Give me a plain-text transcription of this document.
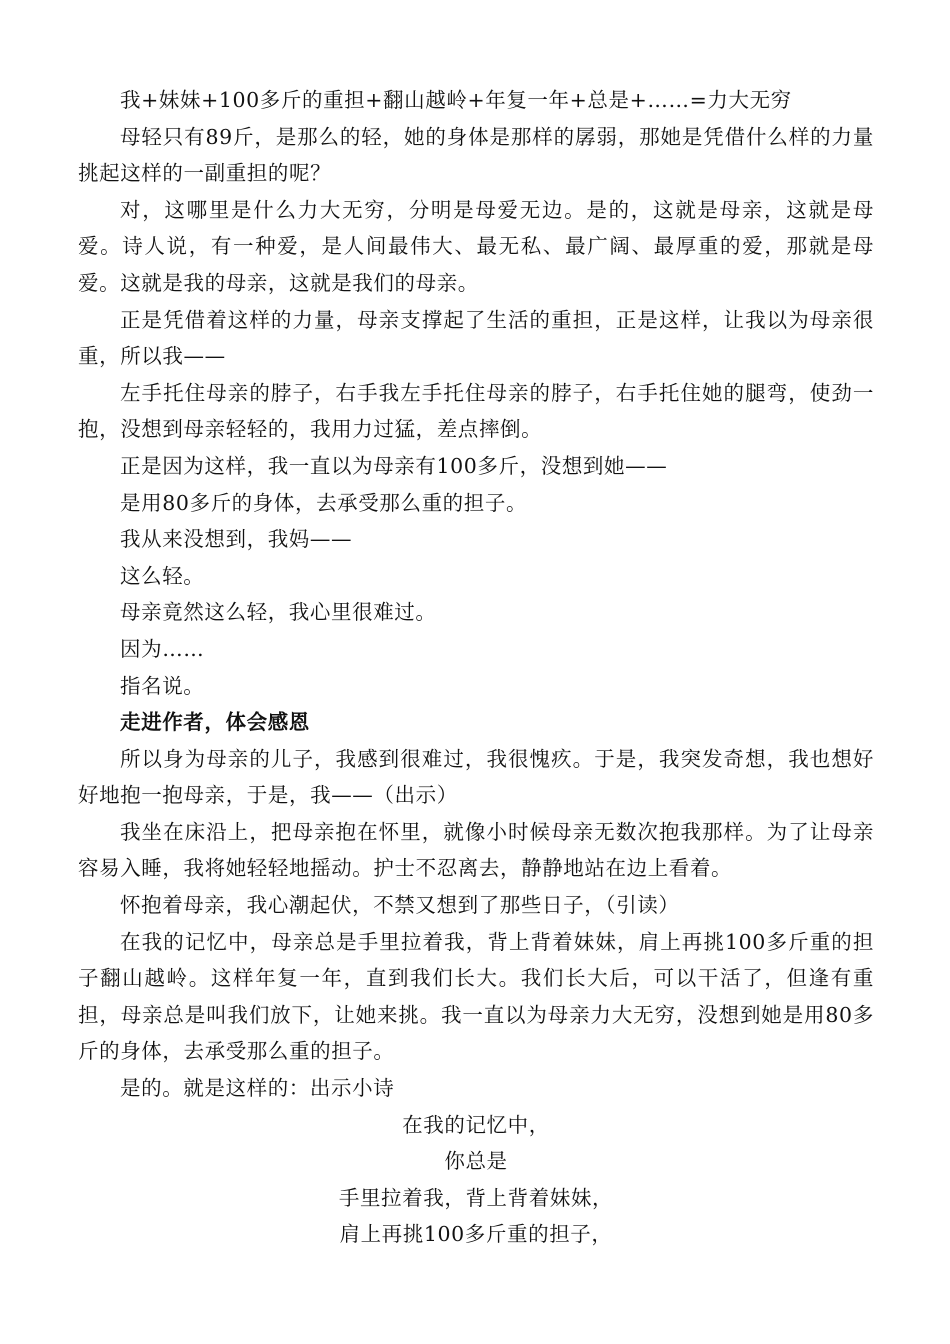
我+妹妹+100多斤的重担+翻山越岭+年复一年+总是+……=力大无穷

母轻只有89斤，是那么的轻，她的身体是那样的孱弱，那她是凭借什么样的力量挑起这样的一副重担的呢？

对，这哪里是什么力大无穷，分明是母爱无边。是的，这就是母亲，这就是母爱。诗人说，有一种爱，是人间最伟大、最无私、最广阔、最厚重的爱，那就是母爱。这就是我的母亲，这就是我们的母亲。

正是凭借着这样的力量，母亲支撑起了生活的重担，正是这样，让我以为母亲很重，所以我——

左手托住母亲的脖子，右手我左手托住母亲的脖子，右手托住她的腿弯，使劲一抱，没想到母亲轻轻的，我用力过猛，差点摔倒。

正是因为这样，我一直以为母亲有100多斤，没想到她——

是用80多斤的身体，去承受那么重的担子。

我从来没想到，我妈——

这么轻。

母亲竟然这么轻，我心里很难过。

因为……

指名说。

走进作者，体会感恩

所以身为母亲的儿子，我感到很难过，我很愧疚。于是，我突发奇想，我也想好好地抱一抱母亲，于是，我——（出示）

我坐在床沿上，把母亲抱在怀里，就像小时候母亲无数次抱我那样。为了让母亲容易入睡，我将她轻轻地摇动。护士不忍离去，静静地站在边上看着。

怀抱着母亲，我心潮起伏，不禁又想到了那些日子，（引读）

在我的记忆中，母亲总是手里拉着我，背上背着妹妹，肩上再挑100多斤重的担子翻山越岭。这样年复一年，直到我们长大。我们长大后，可以干活了，但逢有重担，母亲总是叫我们放下，让她来挑。我一直以为母亲力大无穷，没想到她是用80多斤的身体，去承受那么重的担子。

是的。就是这样的：出示小诗

在我的记忆中，
你总是
手里拉着我，背上背着妹妹，
肩上再挑100多斤重的担子，
